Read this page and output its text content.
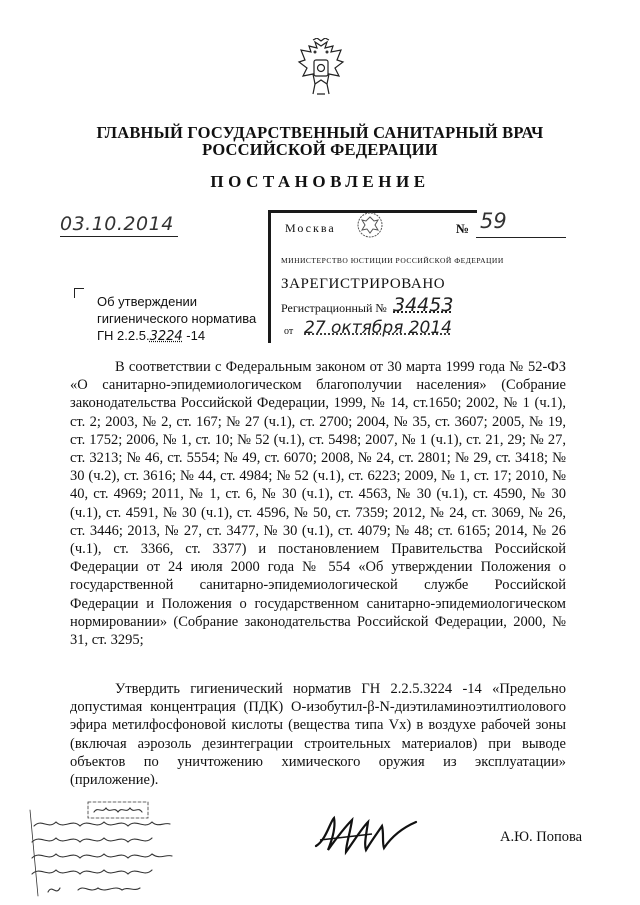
ГЛАВНЫЙ ГОСУДАРСТВЕННЫЙ САНИТАРНЫЙ ВРАЧ
РОССИЙСКОЙ ФЕДЕРАЦИИ
ПОСТАНОВЛЕНИЕ
03.10.2014	Москва	№ 59
МИНИСТЕРСТВО ЮСТИЦИИ РОССИЙСКОЙ ФЕДЕРАЦИИ
ЗАРЕГИСТРИРОВАНО
Регистрационный № 34453
от 27 октября 2014
Об утверждении
гигиенического норматива
ГН 2.2.5.3224 -14
В соответствии с Федеральным законом от 30 марта 1999 года № 52-ФЗ «О санитарно-эпидемиологическом благополучии населения» (Собрание законодательства Российской Федерации, 1999, № 14, ст.1650; 2002, № 1 (ч.1), ст. 2; 2003, № 2, ст. 167; № 27 (ч.1), ст. 2700; 2004, № 35, ст. 3607; 2005, № 19, ст. 1752; 2006, № 1, ст. 10; № 52 (ч.1), ст. 5498; 2007, № 1 (ч.1), ст. 21, 29; № 27, ст. 3213; № 46, ст. 5554; № 49, ст. 6070; 2008, № 24, ст. 2801; № 29, ст. 3418; № 30 (ч.2), ст. 3616; № 44, ст. 4984; № 52 (ч.1), ст. 6223; 2009, № 1, ст. 17; 2010, № 40, ст. 4969; 2011, № 1, ст. 6, № 30 (ч.1), ст. 4563, № 30 (ч.1), ст. 4590, № 30 (ч.1), ст. 4591, № 30 (ч.1), ст. 4596, № 50, ст. 7359; 2012, № 24, ст. 3069, № 26, ст. 3446; 2013, № 27, ст. 3477, № 30 (ч.1), ст. 4079; № 48; ст. 6165; 2014, № 26 (ч.1), ст. 3366, ст. 3377) и постановлением Правительства Российской Федерации от 24 июля 2000 года № 554 «Об утверждении Положения о государственной санитарно-эпидемиологической службе Российской Федерации и Положения о государственном санитарно-эпидемиологическом нормировании» (Собрание законодательства Российской Федерации, 2000, № 31, ст. 3295;
Утвердить гигиенический норматив ГН 2.2.5.3224 -14 «Предельно допустимая концентрация (ПДК) О-изобутил-β-N-диэтиламиноэтилтиолового эфира метилфосфоновой кислоты (вещества типа Vx) в воздухе рабочей зоны (включая аэрозоль дезинтеграции строительных материалов) при выводе объектов по уничтожению химического оружия из эксплуатации» (приложение).
А.Ю. Попова
